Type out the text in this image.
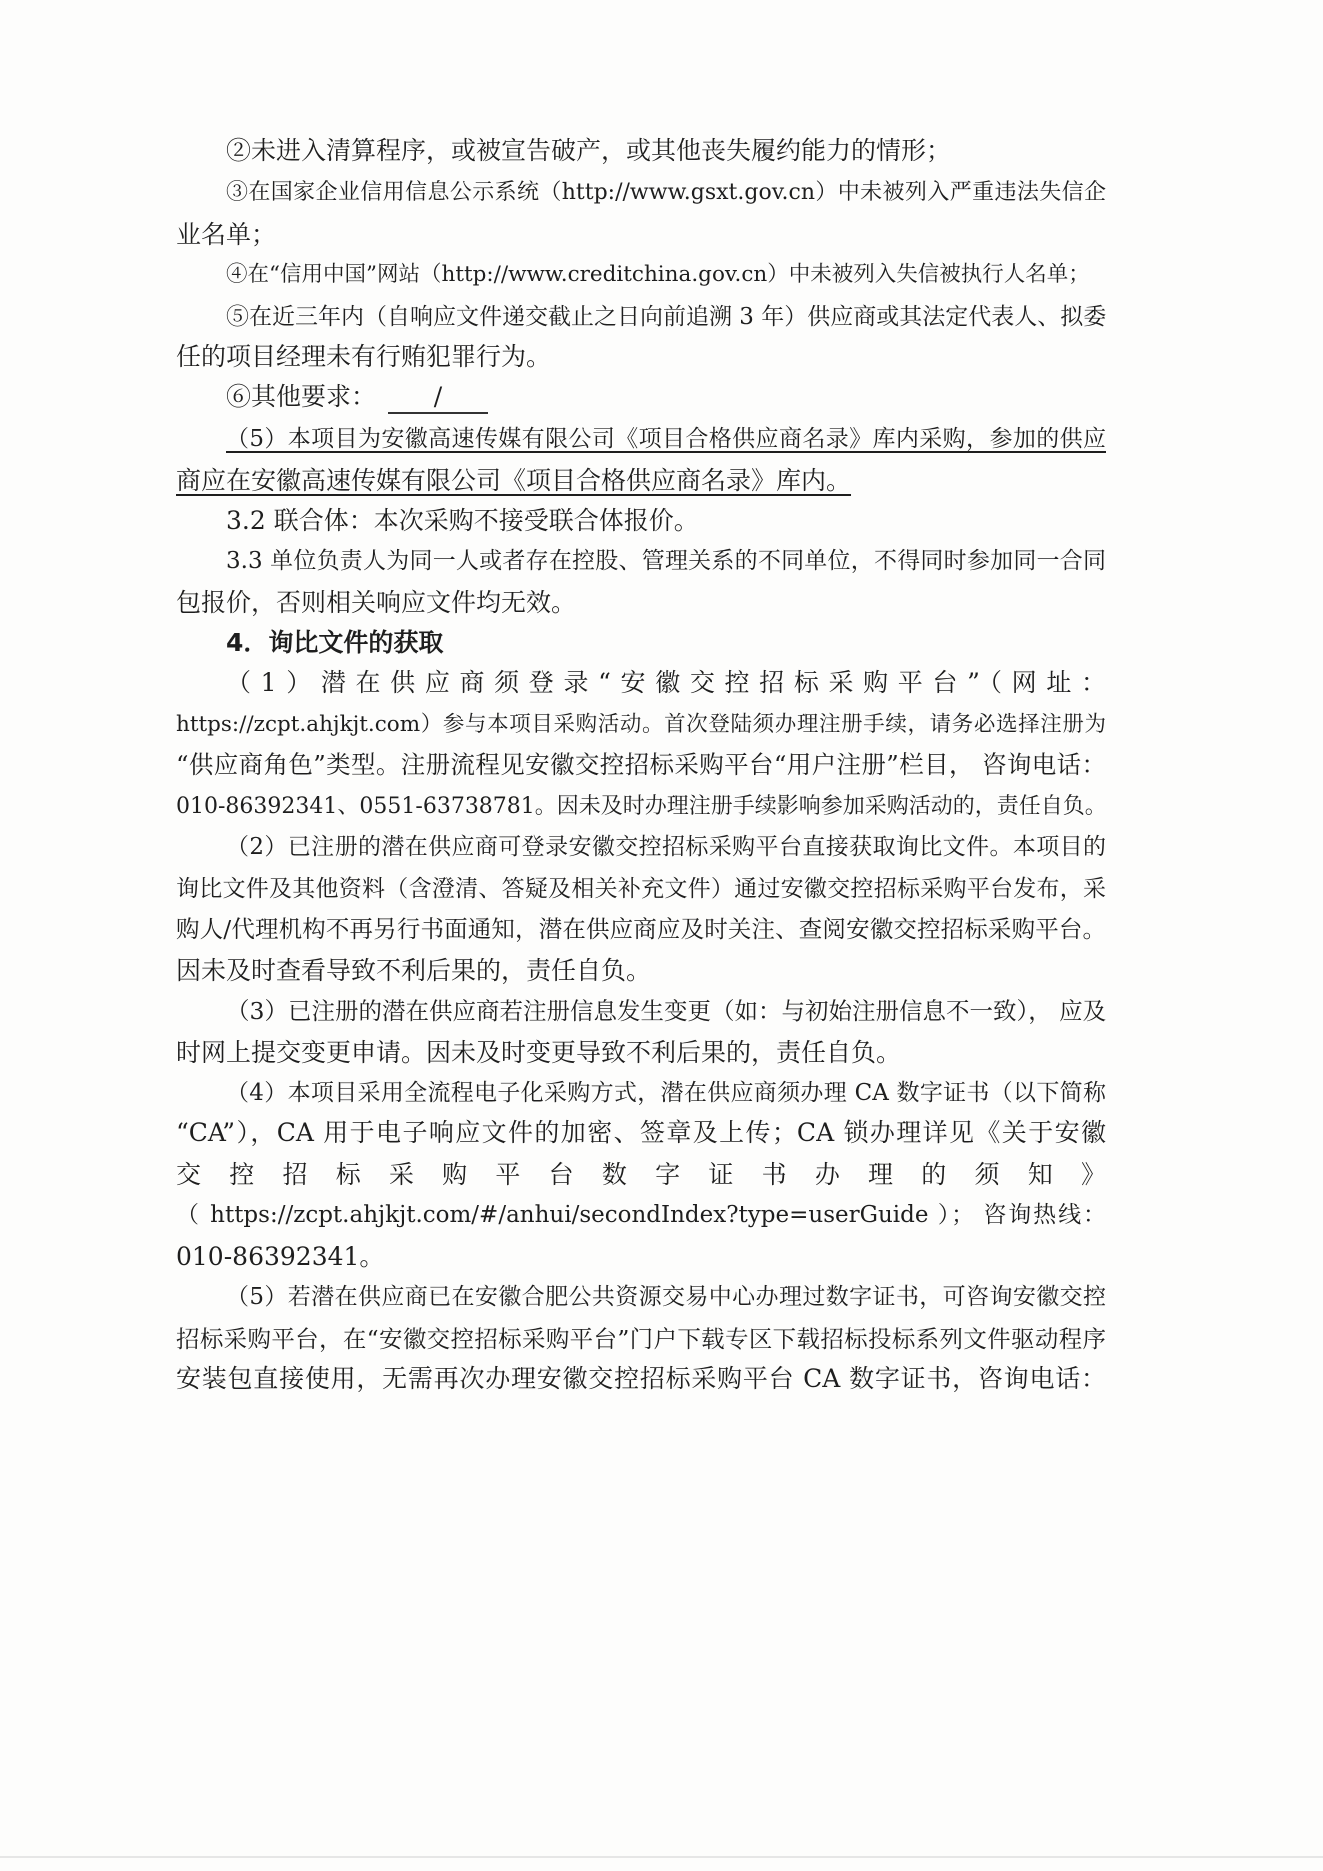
②未进入清算程序，或被宣告破产，或其他丧失履约能力的情形；
③在国家企业信用信息公示系统（http://www.gsxt.gov.cn）中未被列入严重违法失信企
业名单；
④在“信用中国”网站（http://www.creditchina.gov.cn）中未被列入失信被执行人名单；
⑤在近三年内（自响应文件递交截止之日向前追溯 3 年）供应商或其法定代表人、拟委
任的项目经理未有行贿犯罪行为。
⑥其他要求： /
（5）本项目为安徽高速传媒有限公司《项目合格供应商名录》库内采购，参加的供应
商应在安徽高速传媒有限公司《项目合格供应商名录》库内。
3.2 联合体：本次采购不接受联合体报价。
3.3 单位负责人为同一人或者存在控股、管理关系的不同单位，不得同时参加同一合同
包报价，否则相关响应文件均无效。
4．询比文件的获取
（1）潜在供应商须登录“安徽交控招标采购平台”（网址：
https://zcpt.ahjkjt.com）参与本项目采购活动。首次登陆须办理注册手续，请务必选择注册为
“供应商角色”类型。注册流程见安徽交控招标采购平台“用户注册”栏目， 咨询电话：
010-86392341、0551-63738781。因未及时办理注册手续影响参加采购活动的，责任自负。
（2）已注册的潜在供应商可登录安徽交控招标采购平台直接获取询比文件。本项目的
询比文件及其他资料（含澄清、答疑及相关补充文件）通过安徽交控招标采购平台发布，采
购人/代理机构不再另行书面通知，潜在供应商应及时关注、查阅安徽交控招标采购平台。
因未及时查看导致不利后果的，责任自负。
（3）已注册的潜在供应商若注册信息发生变更（如：与初始注册信息不一致）， 应及
时网上提交变更申请。因未及时变更导致不利后果的，责任自负。
（4）本项目采用全流程电子化采购方式，潜在供应商须办理 CA 数字证书（以下简称
“CA”），CA 用于电子响应文件的加密、签章及上传；CA 锁办理详见《关于安徽
交控招标采购平台数字证书办理的须知》
（ https://zcpt.ahjkjt.com/#/anhui/secondIndex?type=userGuide ）； 咨询热线：
010-86392341。
（5）若潜在供应商已在安徽合肥公共资源交易中心办理过数字证书，可咨询安徽交控
招标采购平台，在“安徽交控招标采购平台”门户下载专区下载招标投标系列文件驱动程序
安装包直接使用，无需再次办理安徽交控招标采购平台 CA 数字证书，咨询电话：
